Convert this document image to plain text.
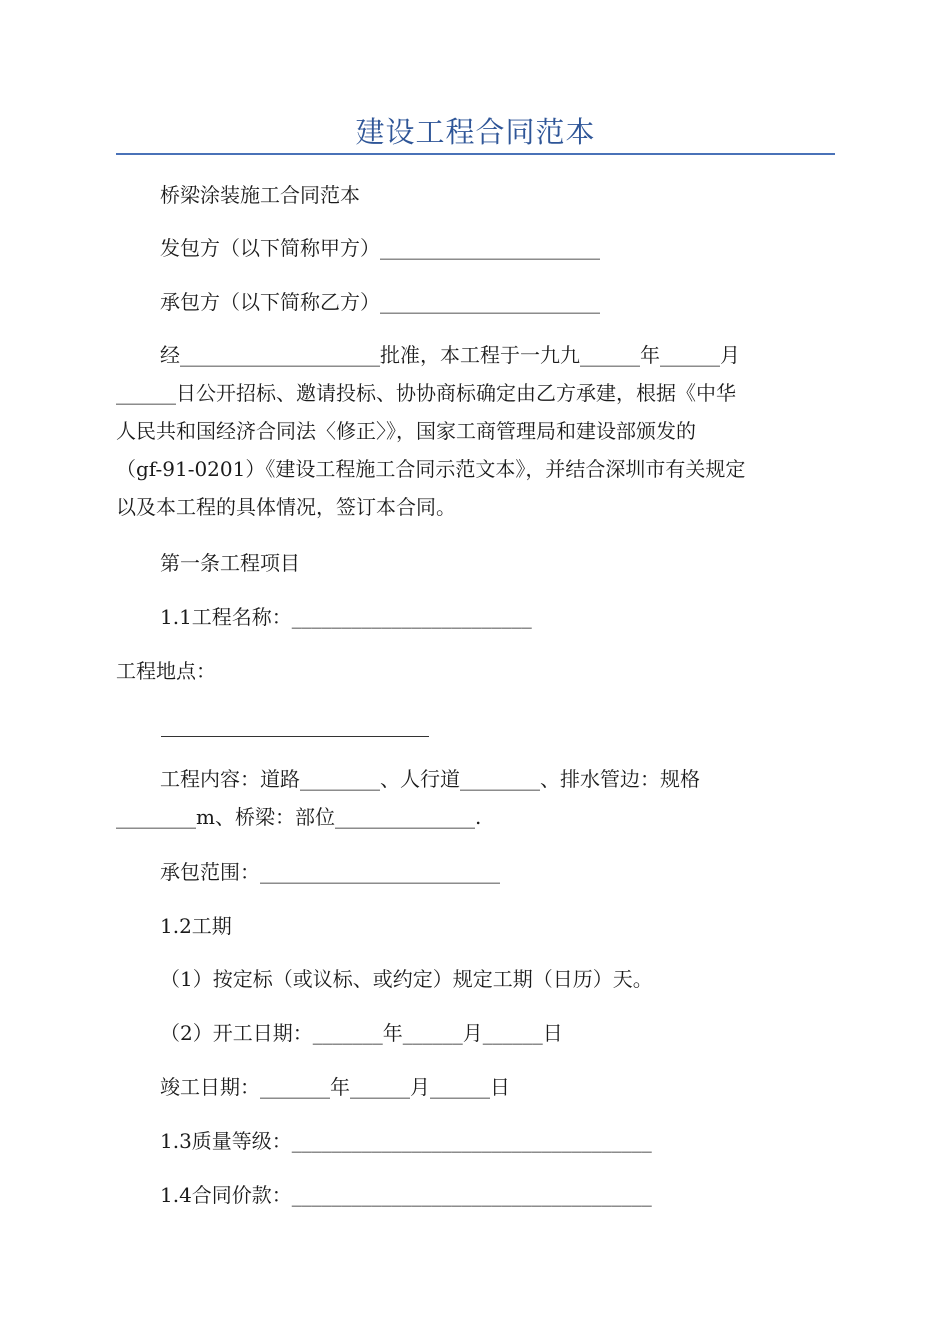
建设工程合同范本
桥梁涂装施工合同范本
发包方（以下简称甲方）______________________
承包方（以下简称乙方）______________________
经____________________批准，本工程于一九九______年______月
______日公开招标、邀请投标、协协商标确定由乙方承建，根据《中华
人民共和国经济合同法〈修正〉》，国家工商管理局和建设部颁发的
（gf-91-0201）《建设工程施工合同示范文本》，并结合深圳市有关规定
以及本工程的具体情况，签订本合同。
第一条工程项目
1.1工程名称：________________________
工程地点：
工程内容：道路________、人行道________、排水管边：规格
________m、桥梁：部位______________.
承包范围：________________________
1.2工期
（1）按定标（或议标、或约定）规定工期（日历）天。
（2）开工日期：_______年______月______日
竣工日期：_______年______月______日
1.3质量等级：____________________________________
1.4合同价款：____________________________________
